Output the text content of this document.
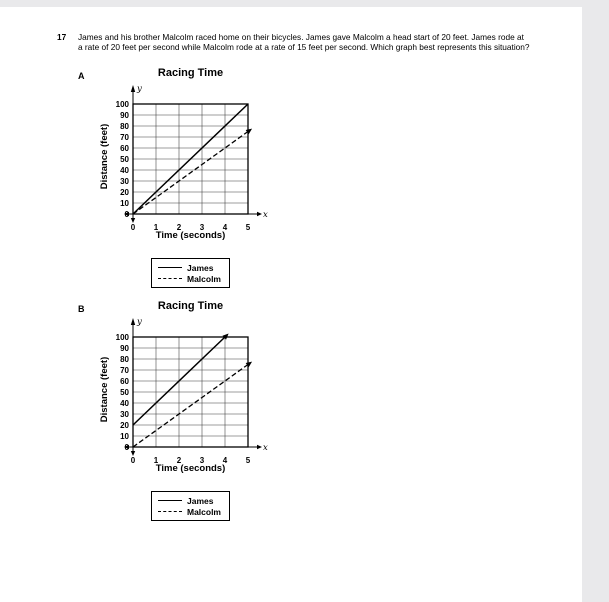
17 James and his brother Malcolm raced home on their bicycles. James gave Malcolm a head start of 20 feet. James rode at a rate of 20 feet per second while Malcolm rode at a rate of 15 feet per second. Which graph best represents this situation?

A	Racing Time
Distance (feet)
y
x
0
10
20
30
40
50
60
70
80
90
100
0 1 2 3 4 5
Time (seconds)
James
Malcolm
B	Racing Time
Distance (feet)
y
x
0
10
20
30
40
50
60
70
80
90
100
0 1 2 3 4 5
Time (seconds)
James
Malcolm
